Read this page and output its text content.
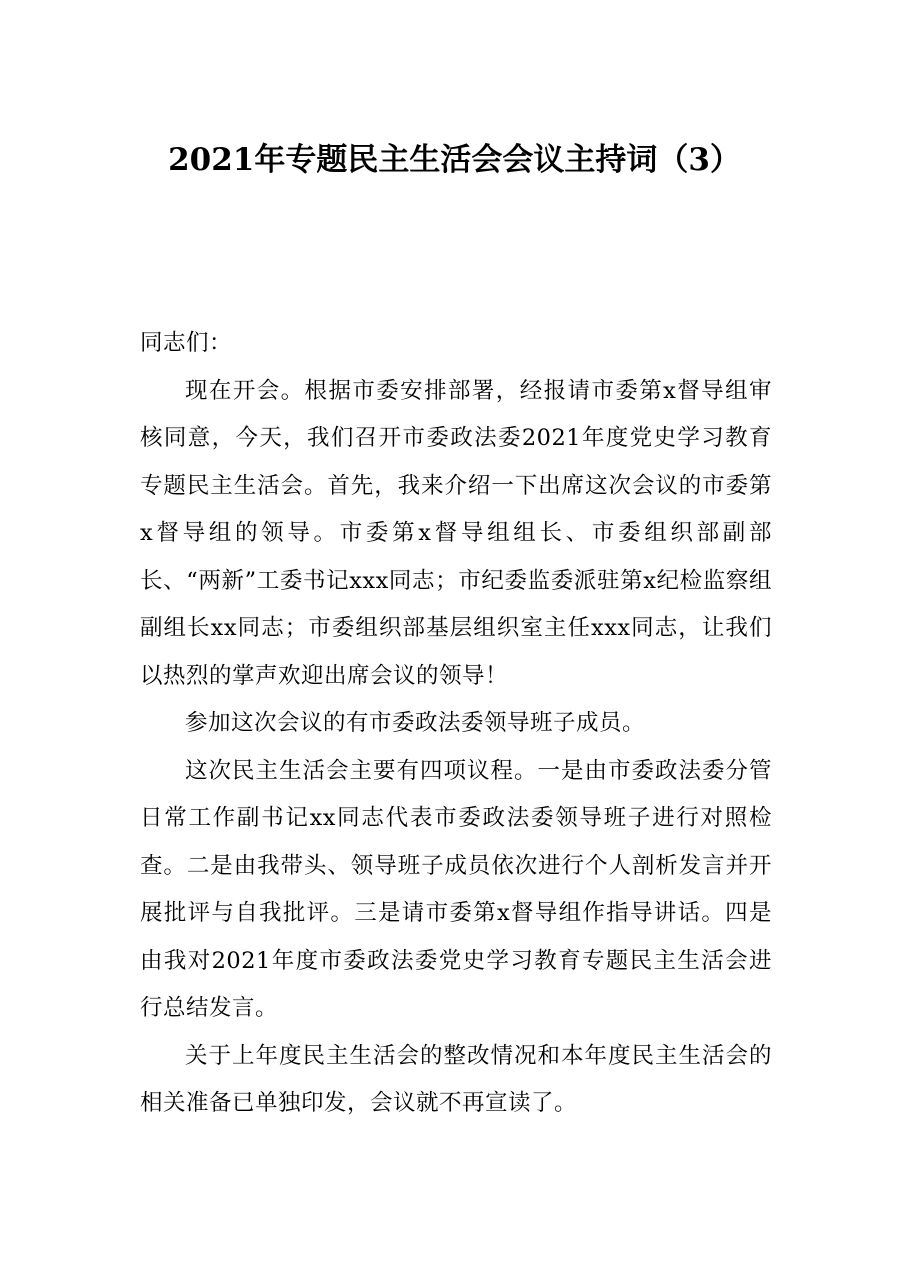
2021年专题民主生活会会议主持词（3）

同志们：

现在开会。根据市委安排部署，经报请市委第x督导组审核同意，今天，我们召开市委政法委2021年度党史学习教育专题民主生活会。首先，我来介绍一下出席这次会议的市委第x督导组的领导。市委第x督导组组长、市委组织部副部长、“两新”工委书记xxx同志；市纪委监委派驻第x纪检监察组副组长xx同志；市委组织部基层组织室主任xxx同志，让我们以热烈的掌声欢迎出席会议的领导！

参加这次会议的有市委政法委领导班子成员。

这次民主生活会主要有四项议程。一是由市委政法委分管日常工作副书记xx同志代表市委政法委领导班子进行对照检查。二是由我带头、领导班子成员依次进行个人剖析发言并开展批评与自我批评。三是请市委第x督导组作指导讲话。四是由我对2021年度市委政法委党史学习教育专题民主生活会进行总结发言。

关于上年度民主生活会的整改情况和本年度民主生活会的相关准备已单独印发，会议就不再宣读了。
